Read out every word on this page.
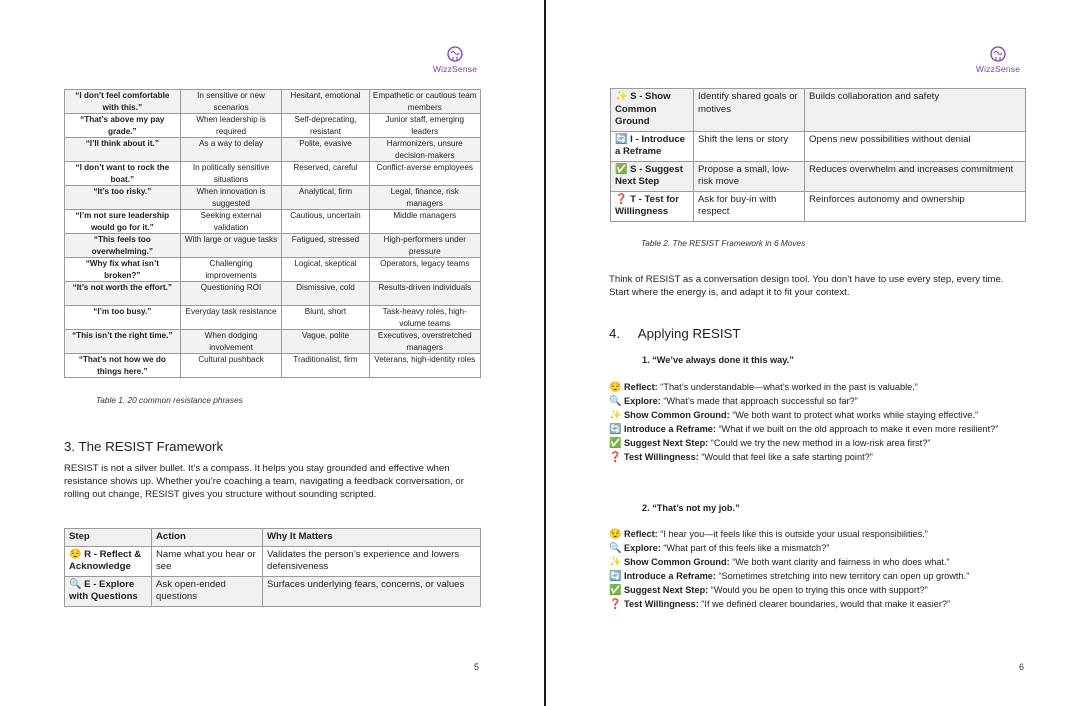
WizzSense
“I don’t feel comfortable with this.”	In sensitive or new scenarios	Hesitant, emotional	Empathetic or cautious team members
“That’s above my pay grade.”	When leadership is required	Self-deprecating, resistant	Junior staff, emerging leaders
“I’ll think about it.”	As a way to delay	Polite, evasive	Harmonizers, unsure decision-makers
“I don’t want to rock the boat.”	In politically sensitive situations	Reserved, careful	Conflict-averse employees
“It’s too risky.”	When innovation is suggested	Analytical, firm	Legal, finance, risk managers
“I’m not sure leadership would go for it.”	Seeking external validation	Cautious, uncertain	Middle managers
“This feels too overwhelming.”	With large or vague tasks	Fatigued, stressed	High-performers under pressure
“Why fix what isn’t broken?”	Challenging improvements	Logical, skeptical	Operators, legacy teams
“It’s not worth the effort.”	Questioning ROI	Dismissive, cold	Results-driven individuals
“I’m too busy.”	Everyday task resistance	Blunt, short	Task-heavy roles, high-volume teams
“This isn’t the right time.”	When dodging involvement	Vague, polite	Executives, overstretched managers
“That’s not how we do things here.”	Cultural pushback	Traditionalist, firm	Veterans, high-identity roles
Table 1. 20 common resistance phrases
3. The RESIST Framework
RESIST is not a silver bullet. It’s a compass. It helps you stay grounded and effective when resistance shows up. Whether you’re coaching a team, navigating a feedback conversation, or rolling out change, RESIST gives you structure without sounding scripted.
Step	Action	Why It Matters
😌 R - Reflect & Acknowledge	Name what you hear or see	Validates the person’s experience and lowers defensiveness
🔍 E - Explore with Questions	Ask open-ended questions	Surfaces underlying fears, concerns, or values
5
WizzSense
✨ S - Show Common Ground	Identify shared goals or motives	Builds collaboration and safety
🔄 I - Introduce a Reframe	Shift the lens or story	Opens new possibilities without denial
✅ S - Suggest Next Step	Propose a small, low-risk move	Reduces overwhelm and increases commitment
❓ T - Test for Willingness	Ask for buy-in with respect	Reinforces autonomy and ownership
Table 2. The RESIST Framework in 6 Moves
Think of RESIST as a conversation design tool. You don’t have to use every step, every time. Start where the energy is, and adapt it to fit your context.
4. Applying RESIST
1. “We’ve always done it this way.”
😌 Reflect: “That’s understandable—what’s worked in the past is valuable.”
🔍 Explore: “What’s made that approach successful so far?”
✨ Show Common Ground: “We both want to protect what works while staying effective.”
🔄 Introduce a Reframe: “What if we built on the old approach to make it even more resilient?”
✅ Suggest Next Step: “Could we try the new method in a low-risk area first?”
❓ Test Willingness: “Would that feel like a safe starting point?”
2. “That’s not my job.”
😌 Reflect: “I hear you—it feels like this is outside your usual responsibilities.”
🔍 Explore: “What part of this feels like a mismatch?”
✨ Show Common Ground: “We both want clarity and fairness in who does what.”
🔄 Introduce a Reframe: “Sometimes stretching into new territory can open up growth.”
✅ Suggest Next Step: “Would you be open to trying this once with support?”
❓ Test Willingness: “If we defined clearer boundaries, would that make it easier?”
6
